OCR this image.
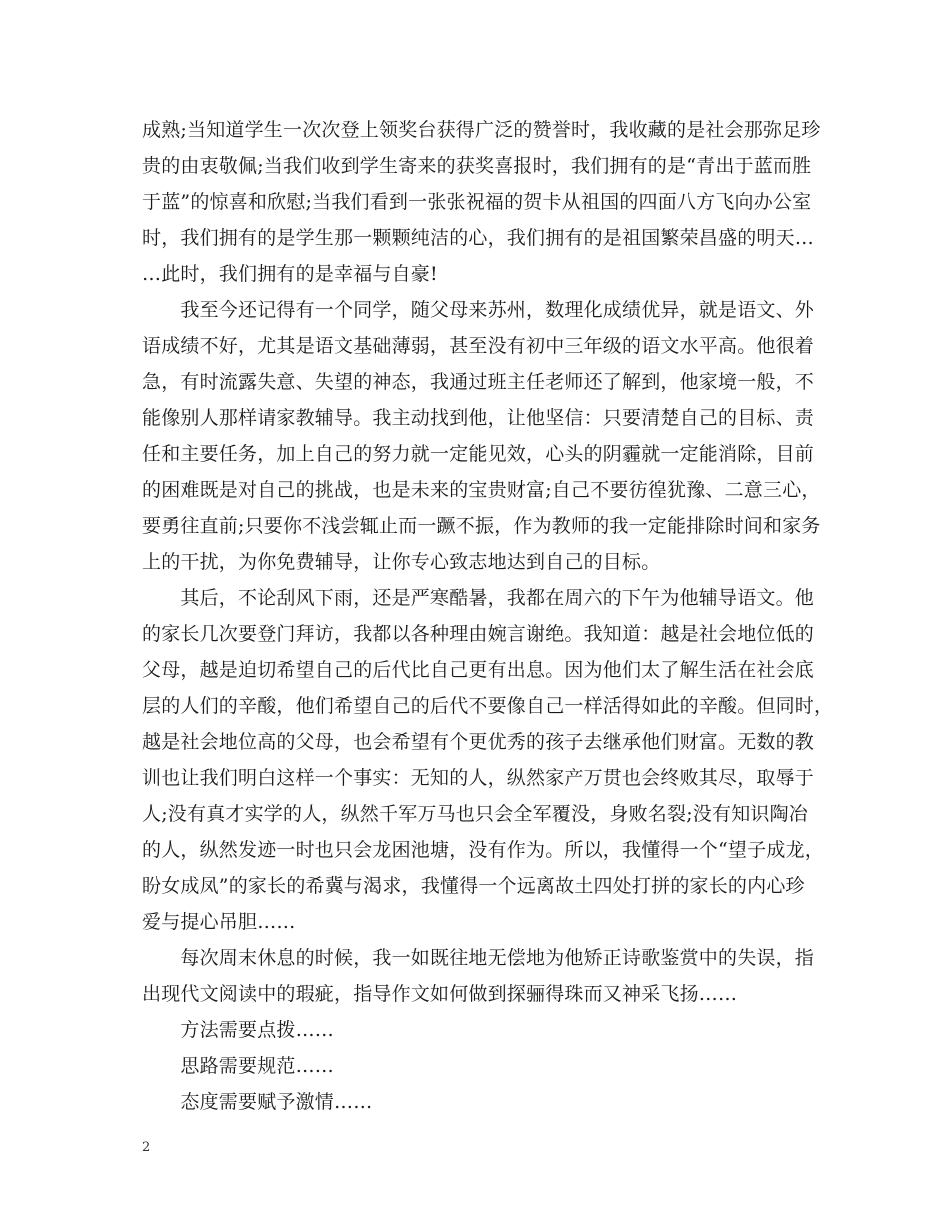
成熟;当知道学生一次次登上领奖台获得广泛的赞誉时，我收藏的是社会那弥足珍
贵的由衷敬佩;当我们收到学生寄来的获奖喜报时，我们拥有的是“青出于蓝而胜
于蓝”的惊喜和欣慰;当我们看到一张张祝福的贺卡从祖国的四面八方飞向办公室
时，我们拥有的是学生那一颗颗纯洁的心，我们拥有的是祖国繁荣昌盛的明天…
…此时，我们拥有的是幸福与自豪!
　　我至今还记得有一个同学，随父母来苏州，数理化成绩优异，就是语文、外
语成绩不好，尤其是语文基础薄弱，甚至没有初中三年级的语文水平高。他很着
急，有时流露失意、失望的神态，我通过班主任老师还了解到，他家境一般，不
能像别人那样请家教辅导。我主动找到他，让他坚信：只要清楚自己的目标、责
任和主要任务，加上自己的努力就一定能见效，心头的阴霾就一定能消除，目前
的困难既是对自己的挑战，也是未来的宝贵财富;自己不要彷徨犹豫、二意三心，
要勇往直前;只要你不浅尝辄止而一蹶不振，作为教师的我一定能排除时间和家务
上的干扰，为你免费辅导，让你专心致志地达到自己的目标。
　　其后，不论刮风下雨，还是严寒酷暑，我都在周六的下午为他辅导语文。他
的家长几次要登门拜访，我都以各种理由婉言谢绝。我知道：越是社会地位低的
父母，越是迫切希望自己的后代比自己更有出息。因为他们太了解生活在社会底
层的人们的辛酸，他们希望自己的后代不要像自己一样活得如此的辛酸。但同时，
越是社会地位高的父母，也会希望有个更优秀的孩子去继承他们财富。无数的教
训也让我们明白这样一个事实：无知的人，纵然家产万贯也会终败其尽，取辱于
人;没有真才实学的人，纵然千军万马也只会全军覆没，身败名裂;没有知识陶冶
的人，纵然发迹一时也只会龙困池塘，没有作为。所以，我懂得一个“望子成龙，
盼女成凤”的家长的希冀与渴求，我懂得一个远离故土四处打拼的家长的内心珍
爱与提心吊胆……
　　每次周末休息的时候，我一如既往地无偿地为他矫正诗歌鉴赏中的失误，指
出现代文阅读中的瑕疵，指导作文如何做到探骊得珠而又神采飞扬……
　　方法需要点拨……
　　思路需要规范……
　　态度需要赋予激情……
2
